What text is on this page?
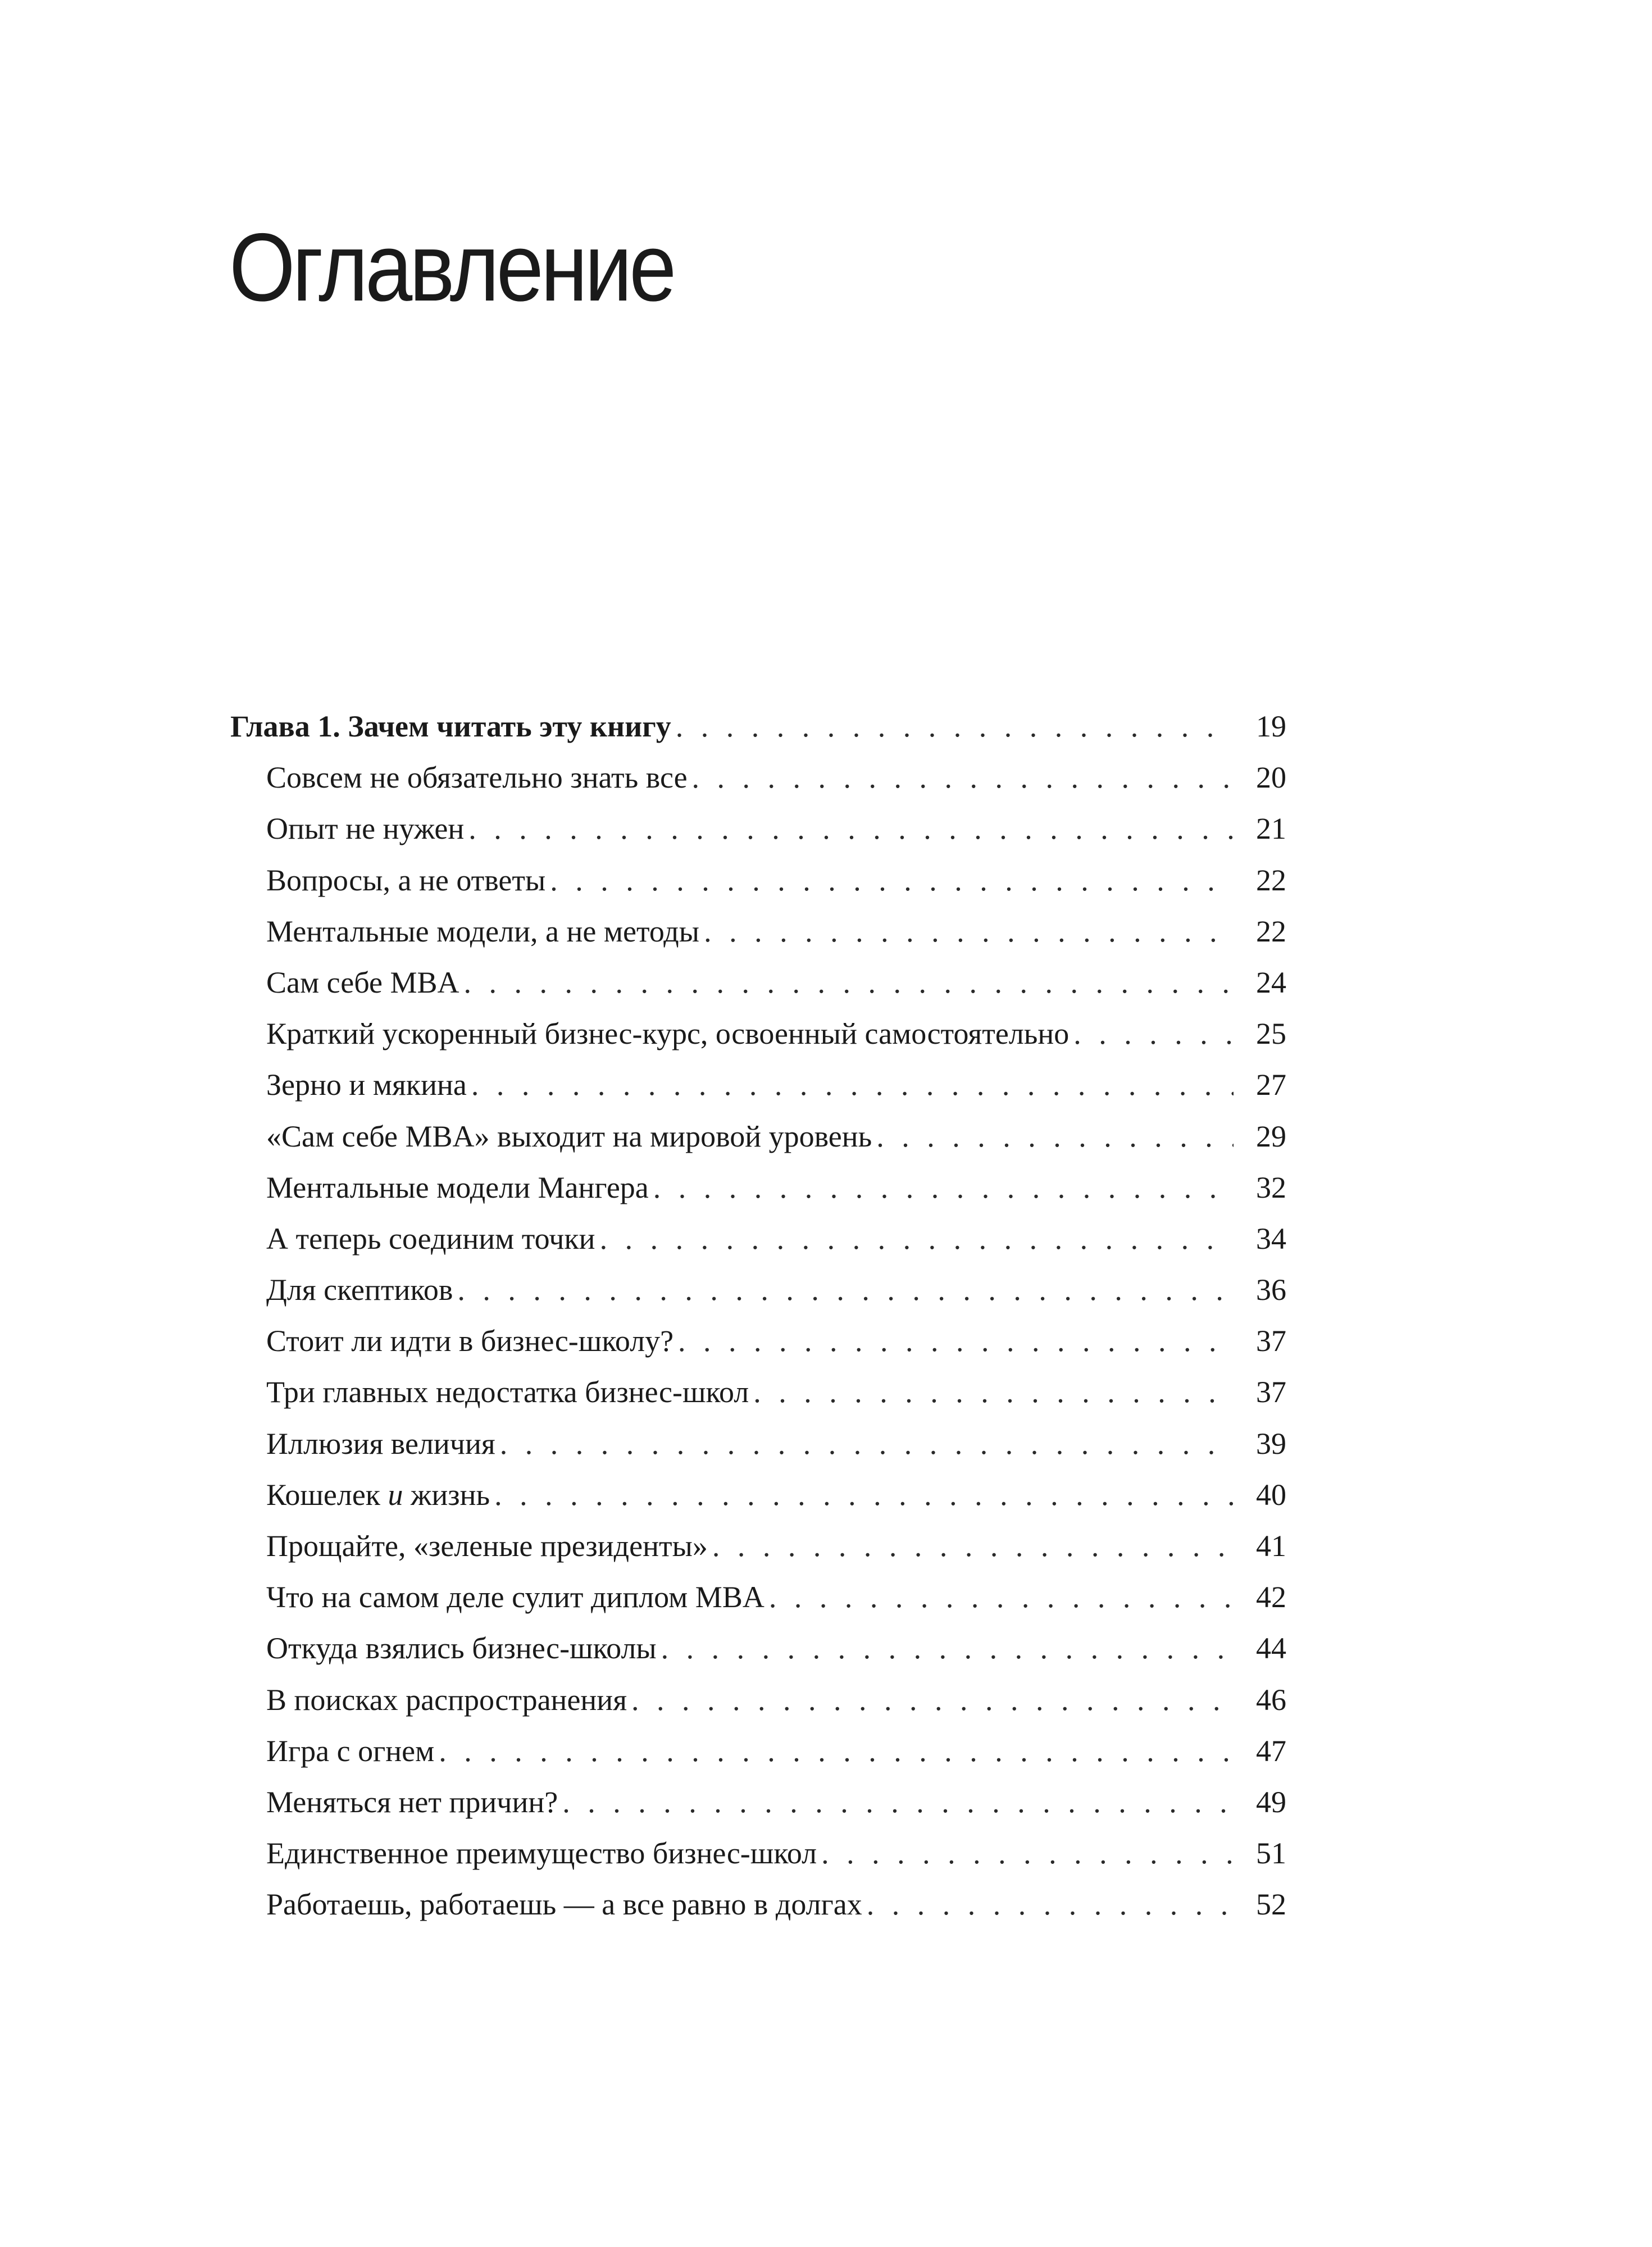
Оглавление
Глава 1. Зачем читать эту книгу . . .	19
Совсем не обязательно знать все . . .	20
Опыт не нужен . . .	21
Вопросы, а не ответы . . .	22
Ментальные модели, а не методы . . .	22
Сам себе MBA . . .	24
Краткий ускоренный бизнес-курс, освоенный самостоятельно . . .	25
Зерно и мякина . . .	27
«Сам себе MBA» выходит на мировой уровень . . .	29
Ментальные модели Мангера . . .	32
А теперь соединим точки . . .	34
Для скептиков . . .	36
Стоит ли идти в бизнес-школу? . . .	37
Три главных недостатка бизнес-школ . . .	37
Иллюзия величия . . .	39
Кошелек и жизнь . . .	40
Прощайте, «зеленые президенты» . . .	41
Что на самом деле сулит диплом MBA . . .	42
Откуда взялись бизнес-школы . . .	44
В поисках распространения . . .	46
Игра с огнем . . .	47
Меняться нет причин? . . .	49
Единственное преимущество бизнес-школ . . .	51
Работаешь, работаешь — а все равно в долгах . . .	52
